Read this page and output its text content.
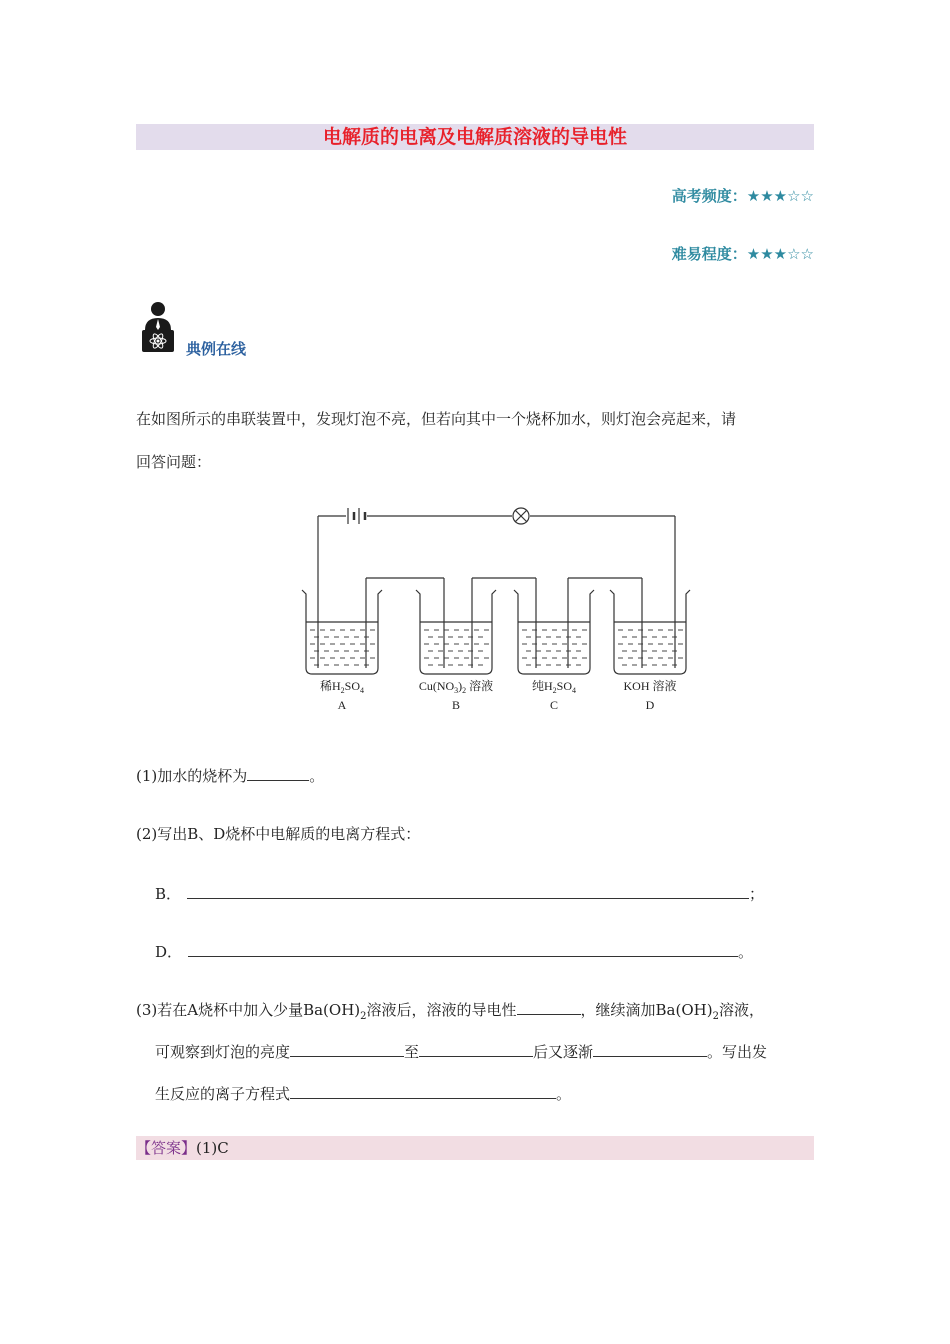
电解质的电离及电解质溶液的导电性
高考频度：★★★☆☆
难易程度：★★★☆☆
典例在线
在如图所示的串联装置中，发现灯泡不亮，但若向其中一个烧杯加水，则灯泡会亮起来，请
回答问题：
稀$H_2SO_4$
A
$Cu(NO_3)_2$ 溶液
B
纯$H_2SO_4$
C
KOH 溶液
D
(1)加水的烧杯为	。
(2)写出B、D烧杯中电解质的电离方程式：
B．	；
D．	。
(3)若在A烧杯中加入少量$Ba(OH)_2$溶液后，溶液的导电性	，继续滴加$Ba(OH)_2$溶液，
可观察到灯泡的亮度	至	后又逐渐	。写出发
生反应的离子方程式	。
【答案】(1)C
